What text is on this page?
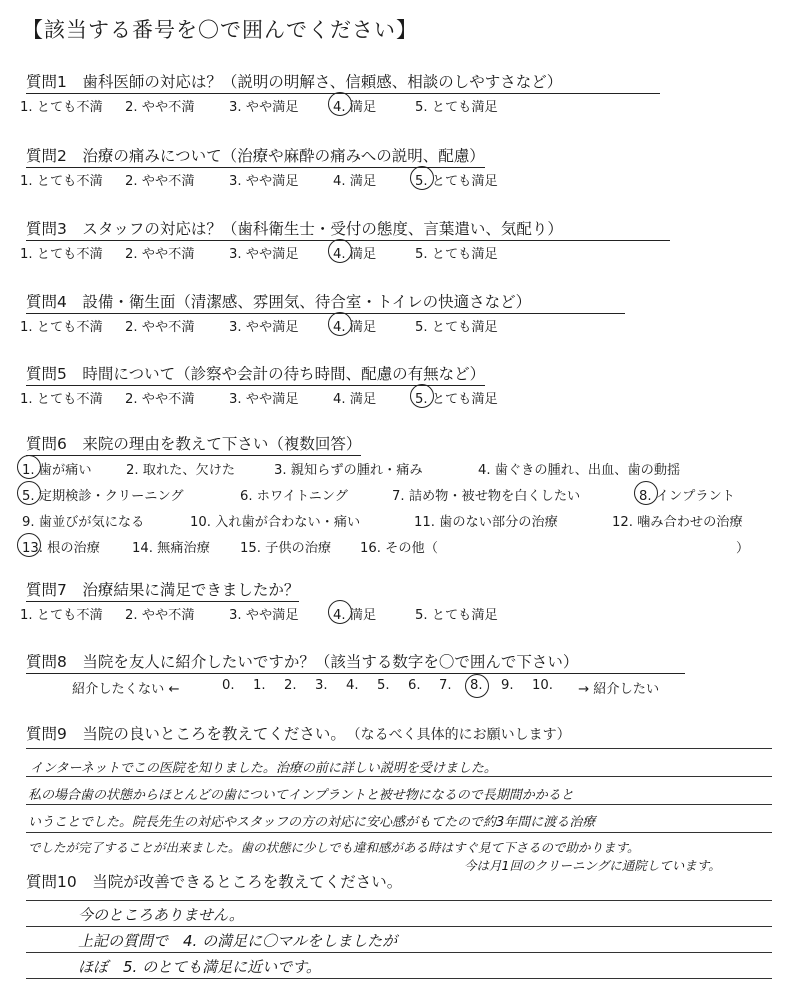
【該当する番号を〇で囲んでください】
質問1　 歯科医師の対応は？（説明の明解さ、信頼感、相談のしやすさなど）
1. とても不満	2. やや不満	3. やや満足	4. 満足	5. とても満足
質問2　 治療の痛みについて（治療や麻酔の痛みへの説明、配慮）
1. とても不満	2. やや不満	3. やや満足	4. 満足	5. とても満足
質問3　 スタッフの対応は？（歯科衛生士・受付の態度、言葉遣い、気配り）
1. とても不満	2. やや不満	3. やや満足	4. 満足	5. とても満足
質問4　 設備・衛生面（清潔感、雰囲気、待合室・トイレの快適さなど）
1. とても不満	2. やや不満	3. やや満足	4. 満足	5. とても満足
質問5　 時間について（診察や会計の待ち時間、配慮の有無など）
1. とても不満	2. やや不満	3. やや満足	4. 満足	5. とても満足
質問6　 来院の理由を教えて下さい（複数回答）
1. 歯が痛い	2. 取れた、欠けた	3. 親知らずの腫れ・痛み	4. 歯ぐきの腫れ、出血、歯の動揺
5. 定期検診・クリーニング	6. ホワイトニング	7. 詰め物・被せ物を白くしたい	8. インプラント
9. 歯並びが気になる	10. 入れ歯が合わない・痛い	11. 歯のない部分の治療	12. 噛み合わせの治療
13. 根の治療	14. 無痛治療	15. 子供の治療	16. その他（	）
質問7　 治療結果に満足できましたか？
1. とても不満	2. やや不満	3. やや満足	4. 満足	5. とても満足
質問8　 当院を友人に紹介したいですか？（該当する数字を〇で囲んで下さい）
紹介したくない ←	0.	1.	2.	3.	4.	5.	6.	7.	8.	9.	10.	→ 紹介したい
質問9　 当院の良いところを教えてください。　 （なるべく具体的にお願いします）
インターネットでこの医院を知りました。治療の前に詳しい説明を受けました。
私の場合歯の状態からほとんどの歯についてインプラントと被せ物になるので長期間かかると
いうことでした。院長先生の対応やスタッフの方の対応に安心感がもてたので約3年間に渡る治療
でしたが完了することが出来ました。歯の状態に少しでも違和感がある時はすぐ見て下さるので助かります。
今は月1回のクリーニングに通院しています。
質問10　 当院が改善できるところを教えてください。
今のところありません。
上記の質問で　4. の満足に〇マルをしましたが
ほぼ　5. のとても満足に近いです。
